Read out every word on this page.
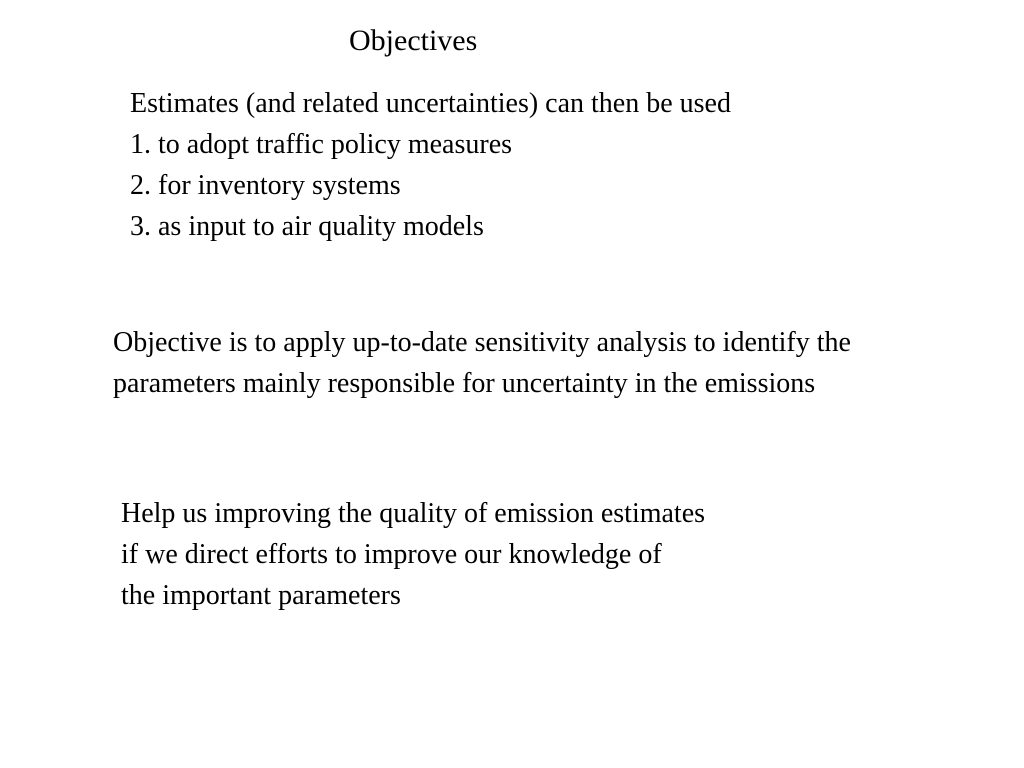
Objectives
Estimates (and related uncertainties) can then be used
1. to adopt traffic policy measures
2. for inventory systems
3. as input to air quality models
Objective is to apply up-to-date sensitivity analysis to identify the
parameters mainly responsible for uncertainty in the emissions
Help us improving the quality of emission estimates
if we direct efforts to improve our knowledge of
the important parameters
